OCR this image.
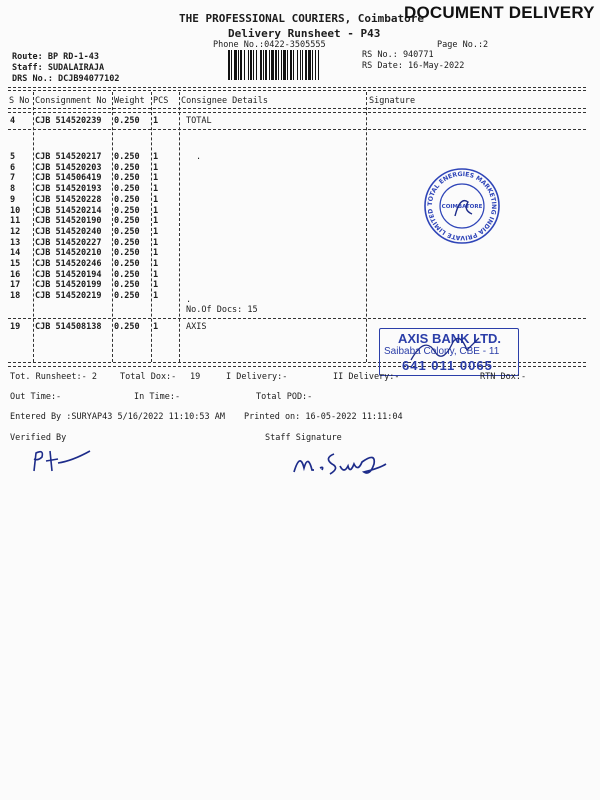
THE PROFESSIONAL COURIERS, Coimbatore
DOCUMENT DELIVERY
Delivery Runsheet - P43
Phone No.:0422-3505555	Page No.:2
Route: BP RD-1-43
Staff: SUDALAIRAJA
DRS No.: DCJB94077102
RS No.: 940771
RS Date: 16-May-2022
S No Consignment No Weight PCS Consignee Details	Signature
4 CJB 514520239 0.250 1	TOTAL
5 CJB 514520217 0.250 1	.
6 CJB 514520203 0.250 1
7 CJB 514506419 0.250 1
8 CJB 514520193 0.250 1
9 CJB 514520228 0.250 1
10 CJB 514520214 0.250 1
11 CJB 514520190 0.250 1
12 CJB 514520240 0.250 1
13 CJB 514520227 0.250 1
14 CJB 514520210 0.250 1
15 CJB 514520246 0.250 1
16 CJB 514520194 0.250 1
17 CJB 514520199 0.250 1
18 CJB 514520219 0.250 1	.
No.Of Docs: 15
19 CJB 514508138 0.250 1	AXIS
TOTAL ENERGIES MARKETING INDIA PRIVATE LIMITED
COIMBATORE
AXIS BANK LTD.
Saibaba Colony, CBE - 11
641 011 0065
Tot. Runsheet:- 2	Total Dox:- 19	I Delivery:-	II Delivery:-	RTN Dox:-
Out Time:-	In Time:-	Total POD:-
Entered By :SURYAP43 5/16/2022 11:10:53 AM Printed on: 16-05-2022 11:11:04
Verified By	Staff Signature
